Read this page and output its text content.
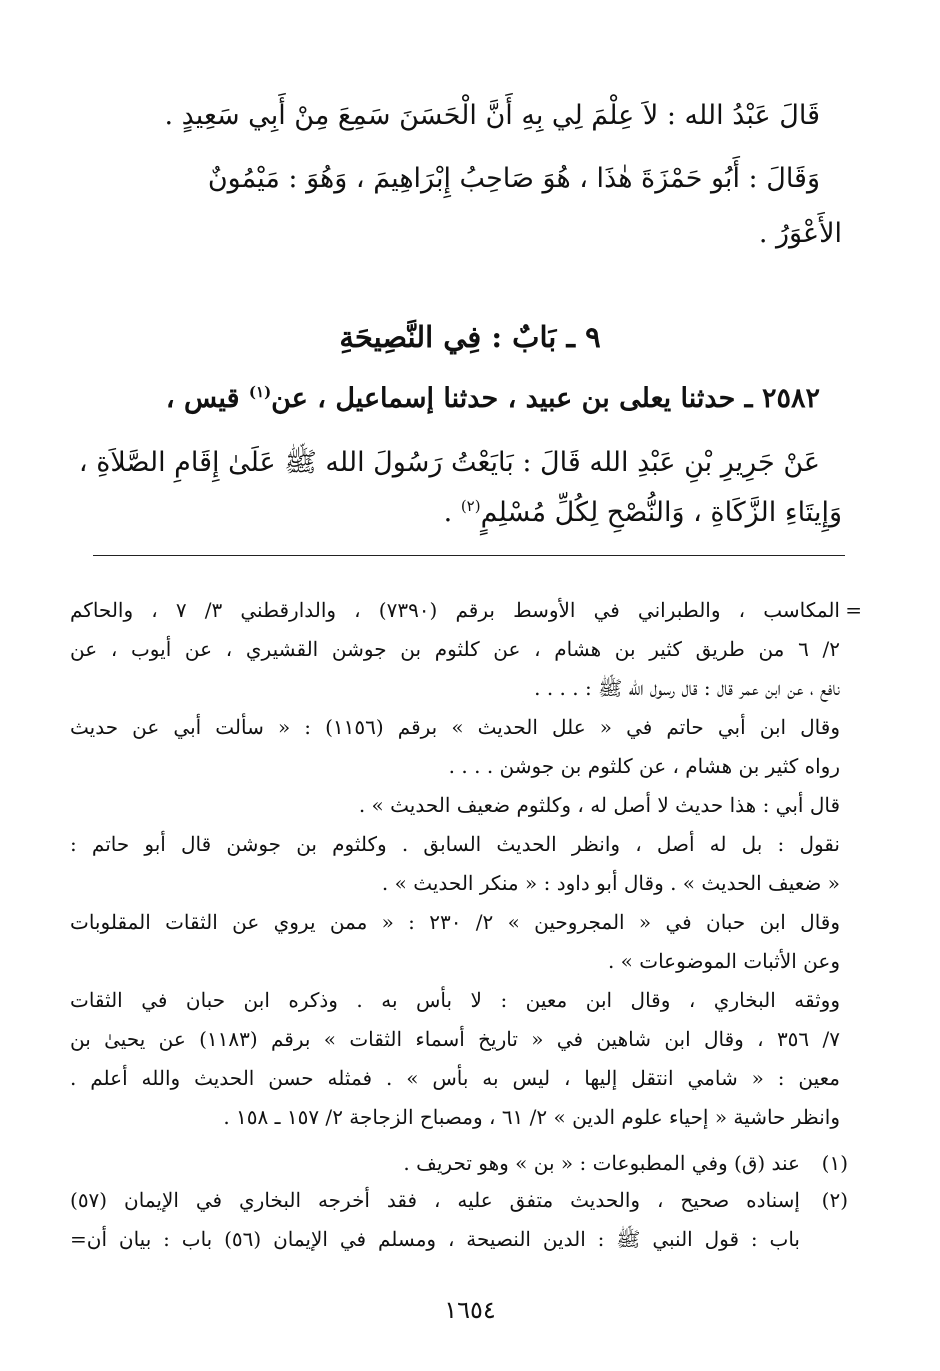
قَالَ عَبْدُ الله : لاَ عِلْمَ لِي بِهِ أَنَّ الْحَسَنَ سَمِعَ مِنْ أَبِي سَعِيدٍ .
وَقَالَ : أَبُو حَمْزَةَ هٰذَا ، هُوَ صَاحِبُ إِبْرَاهِيمَ ، وَهُوَ : مَيْمُونٌ
الأَعْوَرُ .
٩ ـ بَابٌ : فِي النَّصِيحَةِ
٢٥٨٢ ـ حدثنا يعلى بن عبيد ، حدثنا إسماعيل ، عن$^{(١)}$ قيس ،
عَنْ جَرِيرِ بْنِ عَبْدِ الله قَالَ : بَايَعْتُ رَسُولَ الله ﷺ عَلَىٰ إِقَامِ الصَّلاَةِ ،
وَإِيتَاءِ الزَّكَاةِ ، وَالنُّصْحِ لِكُلِّ مُسْلِمٍ$^{(٢)}$ .
=
المكاسب ، والطبراني في الأوسط برقم (٧٣٩٠) ، والدارقطني ٣/ ٧ ، والحاكم
٢/ ٦ من طريق كثير بن هشام ، عن كلثوم بن جوشن القشيري ، عن أيوب ، عن
نافع ، عن ابن عمر قال : قال رسول الله ﷺ : . . . .
وقال ابن أبي حاتم في « علل الحديث » برقم (١١٥٦) : « سألت أبي عن حديث
رواه كثير بن هشام ، عن كلثوم بن جوشن . . . .
قال أبي : هذا حديث لا أصل له ، وكلثوم ضعيف الحديث » .
نقول : بل له أصل ، وانظر الحديث السابق . وكلثوم بن جوشن قال أبو حاتم :
« ضعيف الحديث » . وقال أبو داود : « منكر الحديث » .
وقال ابن حبان في « المجروحين » ٢/ ٢٣٠ : « ممن يروي عن الثقات المقلوبات
وعن الأثبات الموضوعات » .
ووثقه البخاري ، وقال ابن معين : لا بأس به . وذكره ابن حبان في الثقات
٧/ ٣٥٦ ، وقال ابن شاهين في « تاريخ أسماء الثقات » برقم (١١٨٣) عن يحيىٰ بن
معين : « شامي انتقل إليها ، ليس به بأس » . فمثله حسن الحديث والله أعلم .
وانظر حاشية « إحياء علوم الدين » ٢/ ٦١ ، ومصباح الزجاجة ٢/ ١٥٧ ـ ١٥٨ .
(١)
عند (ق) وفي المطبوعات : « بن » وهو تحريف .
(٢)
إسناده صحيح ، والحديث متفق عليه ، فقد أخرجه البخاري في الإيمان (٥٧)
باب : قول النبي ﷺ : الدين النصيحة ، ومسلم في الإيمان (٥٦) باب : بيان أن=
١٦٥٤
